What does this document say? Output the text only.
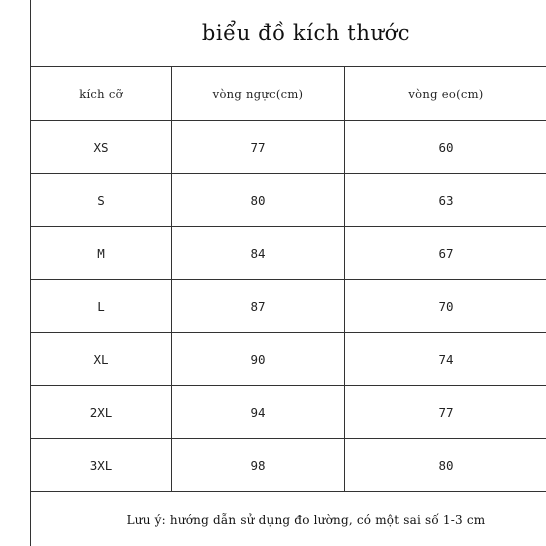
biểu đồ kích thước
kích cỡ	vòng ngực(cm)	vòng eo(cm)
XS	77	60
S	80	63
M	84	67
L	87	70
XL	90	74
2XL	94	77
3XL	98	80
Lưu ý: hướng dẫn sử dụng đo lường, có một sai số 1-3 cm
